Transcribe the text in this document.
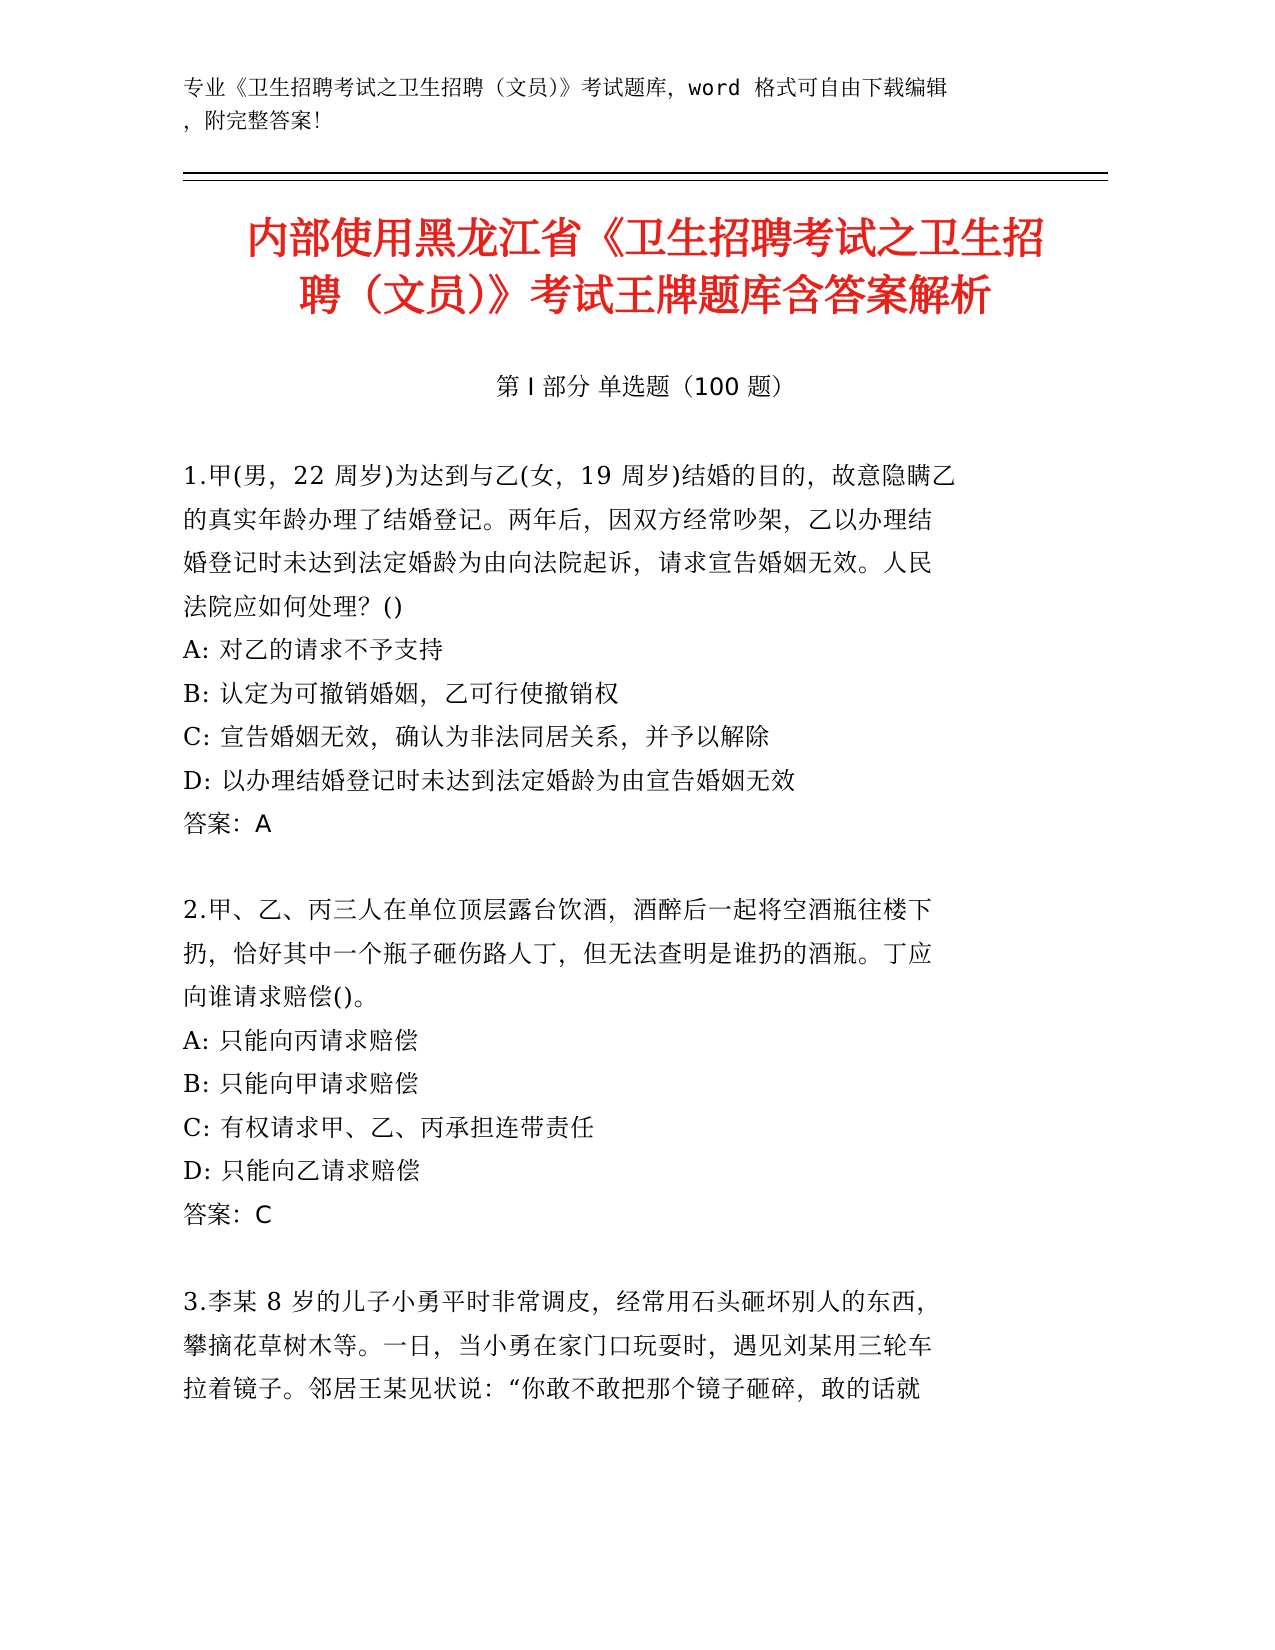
专业《卫生招聘考试之卫生招聘（文员）》考试题库，word 格式可自由下载编辑

，附完整答案！

内部使用黑龙江省《卫生招聘考试之卫生招

聘（文员）》考试王牌题库含答案解析

第 I 部分 单选题（100 题）

1.甲(男，22 周岁)为达到与乙(女，19 周岁)结婚的目的，故意隐瞒乙

的真实年龄办理了结婚登记。两年后，因双方经常吵架，乙以办理结

婚登记时未达到法定婚龄为由向法院起诉，请求宣告婚姻无效。人民

法院应如何处理？()

A: 对乙的请求不予支持

B: 认定为可撤销婚姻，乙可行使撤销权

C: 宣告婚姻无效，确认为非法同居关系，并予以解除

D: 以办理结婚登记时未达到法定婚龄为由宣告婚姻无效

答案：A

2.甲、乙、丙三人在单位顶层露台饮酒，酒醉后一起将空酒瓶往楼下

扔，恰好其中一个瓶子砸伤路人丁，但无法查明是谁扔的酒瓶。丁应

向谁请求赔偿()。

A: 只能向丙请求赔偿

B: 只能向甲请求赔偿

C: 有权请求甲、乙、丙承担连带责任

D: 只能向乙请求赔偿

答案：C

3.李某 8 岁的儿子小勇平时非常调皮，经常用石头砸坏别人的东西，

攀摘花草树木等。一日，当小勇在家门口玩耍时，遇见刘某用三轮车

拉着镜子。邻居王某见状说：“你敢不敢把那个镜子砸碎，敢的话就
